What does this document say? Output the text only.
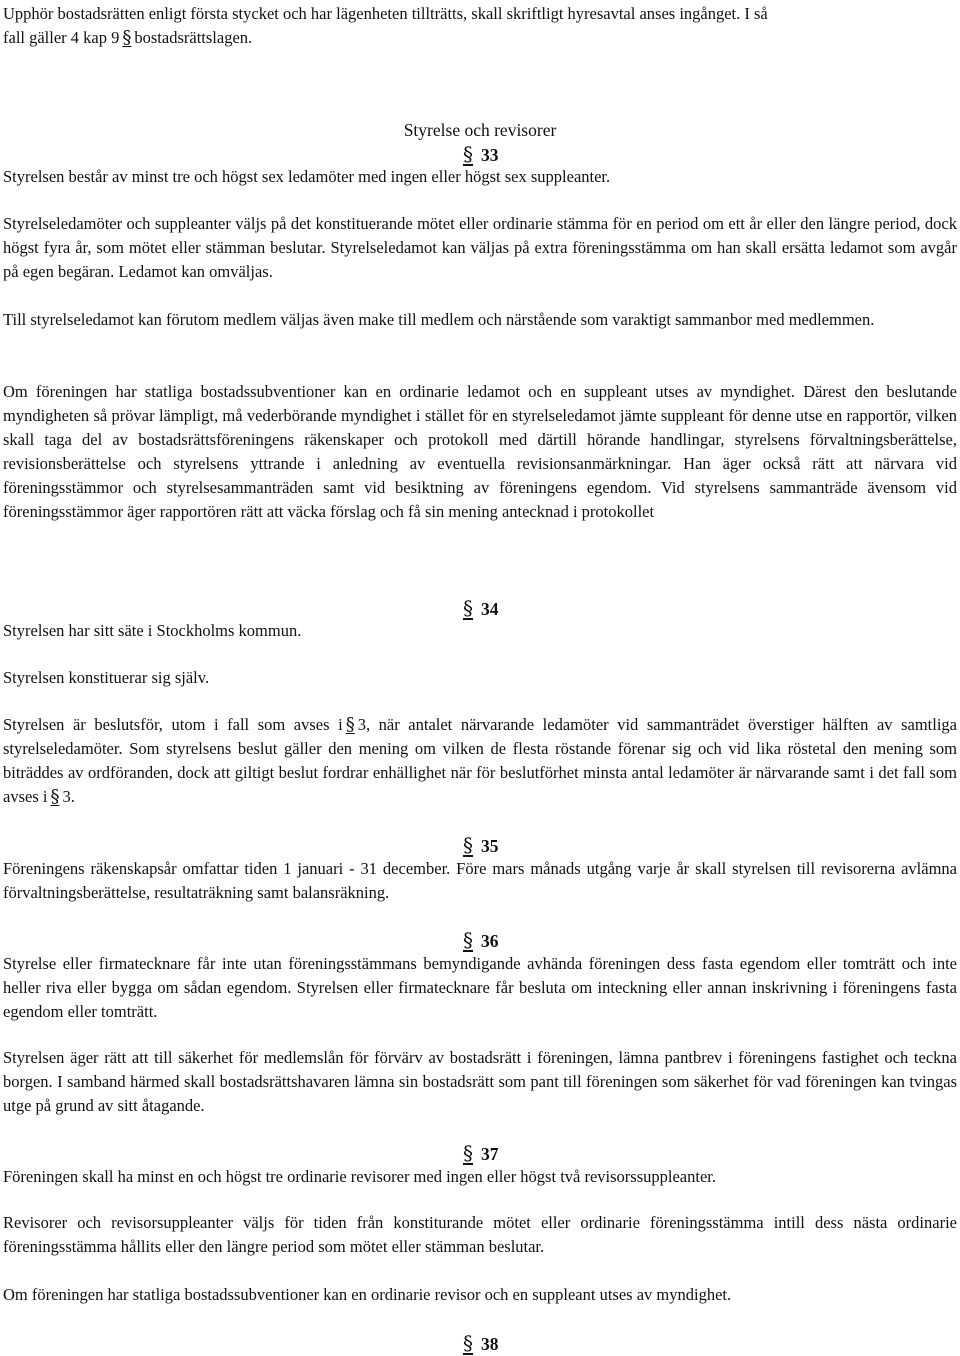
Upphör bostadsrätten enligt första stycket och har lägenheten tillträtts, skall skriftligt hyresavtal anses ingånget. I så
fall gäller 4 kap 9 § bostadsrättslagen.

Styrelse och revisorer
§ 33

Styrelsen består av minst tre och högst sex ledamöter med ingen eller högst sex suppleanter.

Styrelseledamöter och suppleanter väljs på det konstituerande mötet eller ordinarie stämma för en period om ett år eller den längre period, dock högst fyra år, som mötet eller stämman beslutar. Styrelseledamot kan väljas på extra föreningsstämma om han skall ersätta ledamot som avgår på egen begäran. Ledamot kan omväljas.

Till styrelseledamot kan förutom medlem väljas även make till medlem och närstående som varaktigt sammanbor med medlemmen.

Om föreningen har statliga bostadssubventioner kan en ordinarie ledamot och en suppleant utses av myndighet. Därest den beslutande myndigheten så prövar lämpligt, må vederbörande myndighet i stället för en styrelseledamot jämte suppleant för denne utse en rapportör, vilken skall taga del av bostadsrättsföreningens räkenskaper och protokoll med därtill hörande handlingar, styrelsens förvaltningsberättelse, revisionsberättelse och styrelsens yttrande i anledning av eventuella revisionsanmärkningar. Han äger också rätt att närvara vid föreningsstämmor och styrelsesammanträden samt vid besiktning av föreningens egendom. Vid styrelsens sammanträde ävensom vid föreningsstämmor äger rapportören rätt att väcka förslag och få sin mening antecknad i protokollet

§ 34

Styrelsen har sitt säte i Stockholms kommun.

Styrelsen konstituerar sig själv.

Styrelsen är beslutsför, utom i fall som avses i § 3, när antalet närvarande ledamöter vid sammanträdet överstiger hälften av samtliga styrelseledamöter. Som styrelsens beslut gäller den mening om vilken de flesta röstande förenar sig och vid lika röstetal den mening som biträddes av ordföranden, dock att giltigt beslut fordrar enhällighet när för beslutförhet minsta antal ledamöter är närvarande samt i det fall som avses i § 3.

§ 35

Föreningens räkenskapsår omfattar tiden 1 januari - 31 december. Före mars månads utgång varje år skall styrelsen till revisorerna avlämna förvaltningsberättelse, resultaträkning samt balansräkning.

§ 36

Styrelse eller firmatecknare får inte utan föreningsstämmans bemyndigande avhända föreningen dess fasta egendom eller tomträtt och inte heller riva eller bygga om sådan egendom. Styrelsen eller firmatecknare får besluta om inteckning eller annan inskrivning i föreningens fasta egendom eller tomträtt.

Styrelsen äger rätt att till säkerhet för medlemslån för förvärv av bostadsrätt i föreningen, lämna pantbrev i föreningens fastighet och teckna borgen. I samband härmed skall bostadsrättshavaren lämna sin bostadsrätt som pant till föreningen som säkerhet för vad föreningen kan tvingas utge på grund av sitt åtagande.

§ 37

Föreningen skall ha minst en och högst tre ordinarie revisorer med ingen eller högst två revisorssuppleanter.

Revisorer och revisorsuppleanter väljs för tiden från konstiturande mötet eller ordinarie föreningsstämma intill dess nästa ordinarie föreningsstämma hållits eller den längre period som mötet eller stämman beslutar.

Om föreningen har statliga bostadssubventioner kan en ordinarie revisor och en suppleant utses av myndighet.

§ 38
